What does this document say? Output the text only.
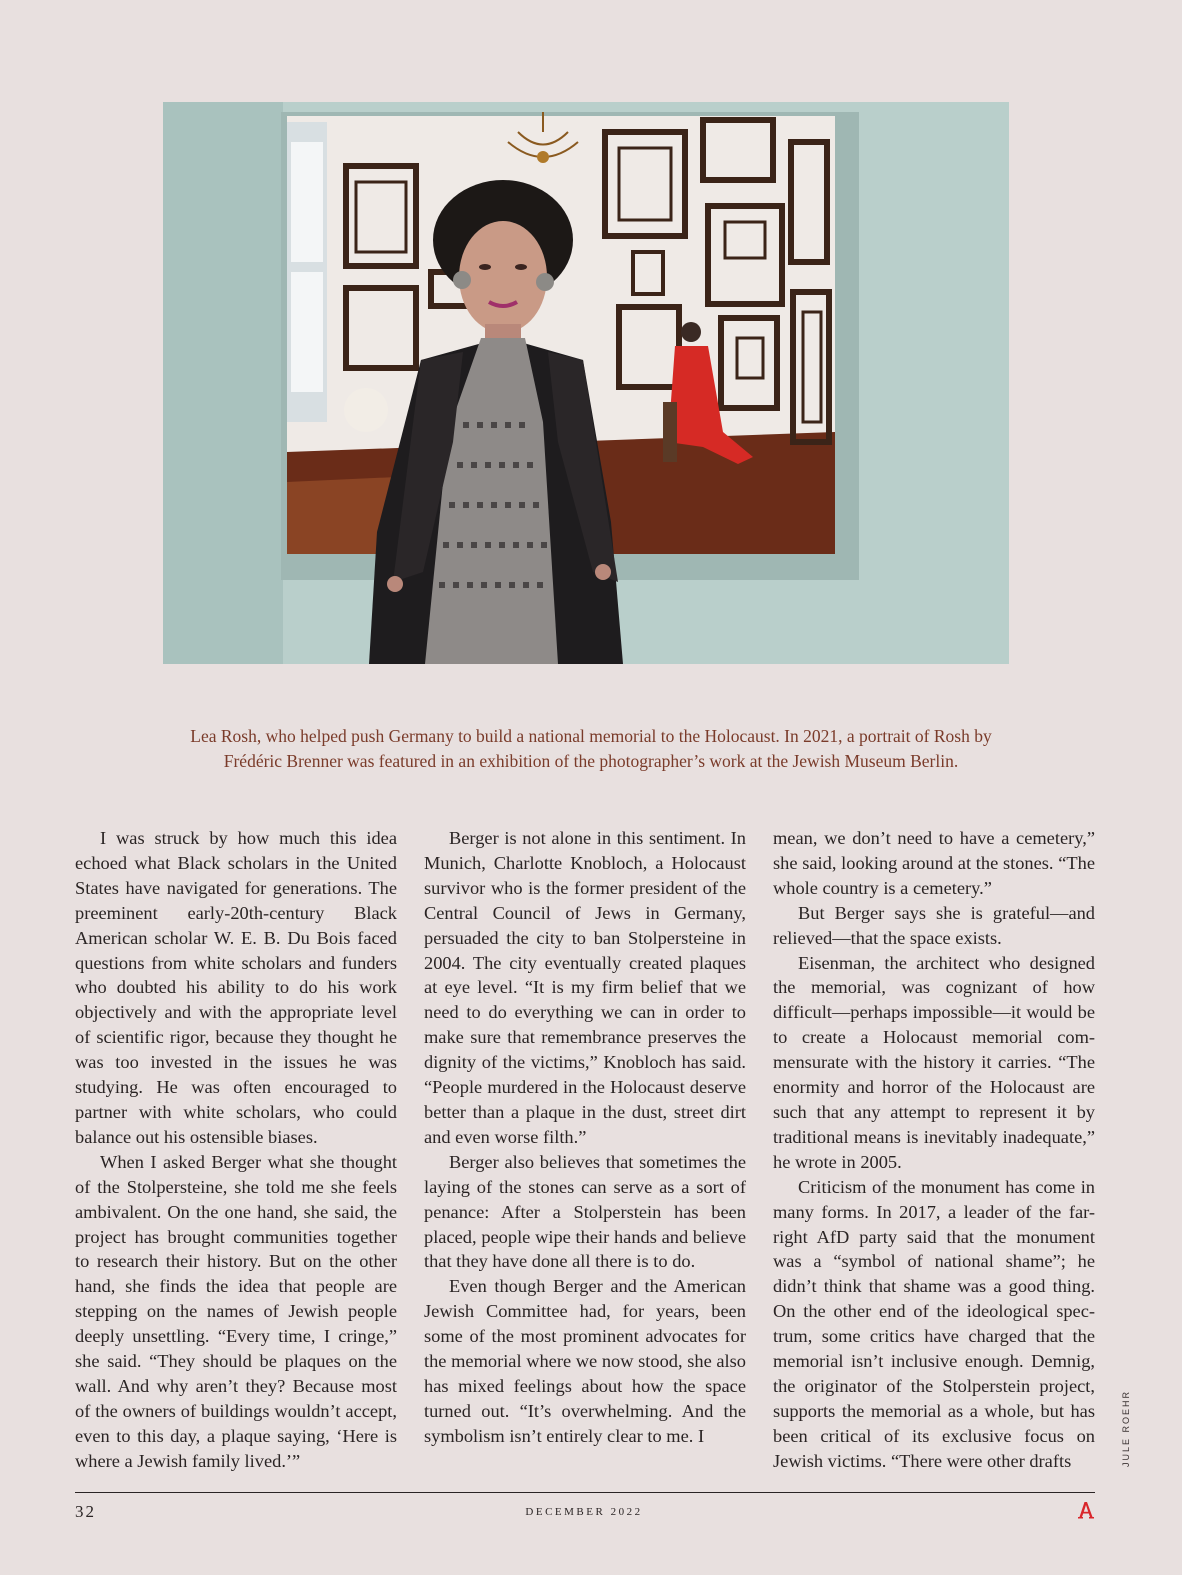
Lea Rosh, who helped push Germany to build a national memorial to the Holocaust. In 2021, a portrait of Rosh by
Frédéric Brenner was featured in an exhibition of the photographer’s work at the Jewish Museum Berlin.

I was struck by how much this idea echoed what Black scholars in the United States have navigated for generations. The preeminent early-20th-century Black American scholar W. E. B. Du Bois faced questions from white scholars and funders who doubted his ability to do his work objectively and with the appropriate level of scientific rigor, because they thought he was too invested in the issues he was studying. He was often encouraged to partner with white scholars, who could balance out his ostensible biases.

When I asked Berger what she thought of the Stolpersteine, she told me she feels ambivalent. On the one hand, she said, the project has brought communities together to research their history. But on the other hand, she finds the idea that people are stepping on the names of Jewish people deeply unsettling. “Every time, I cringe,” she said. “They should be plaques on the wall. And why aren’t they? Because most of the owners of buildings wouldn’t accept, even to this day, a plaque saying, ‘Here is where a Jewish family lived.’”

Berger is not alone in this sentiment. In Munich, Charlotte Knobloch, a Holocaust survivor who is the former president of the Central Council of Jews in Germany, persuaded the city to ban Stolpersteine in 2004. The city eventually created plaques at eye level. “It is my firm belief that we need to do everything we can in order to make sure that remembrance preserves the dignity of the victims,” Knobloch has said. “People murdered in the Holocaust deserve better than a plaque in the dust, street dirt and even worse filth.”

Berger also believes that sometimes the laying of the stones can serve as a sort of penance: After a Stolperstein has been placed, people wipe their hands and believe that they have done all there is to do.

Even though Berger and the American Jewish Committee had, for years, been some of the most prominent advocates for the memorial where we now stood, she also has mixed feelings about how the space turned out. “It’s overwhelming. And the symbolism isn’t entirely clear to me. I

mean, we don’t need to have a cemetery,” she said, looking around at the stones. “The whole country is a cemetery.”

But Berger says she is grateful—and relieved—that the space exists.

Eisenman, the architect who designed the memorial, was cognizant of how difficult—perhaps impossible—it would be to create a Holocaust memorial commensurate with the history it carries. “The enormity and horror of the Holocaust are such that any attempt to represent it by traditional means is inevitably inadequate,” he wrote in 2005.

Criticism of the monument has come in many forms. In 2017, a leader of the far-right AfD party said that the monument was a “symbol of national shame”; he didn’t think that shame was a good thing. On the other end of the ideological spectrum, some critics have charged that the memorial isn’t inclusive enough. Demnig, the originator of the Stolperstein project, supports the memorial as a whole, but has been critical of its exclusive focus on Jewish victims. “There were other drafts	JULE ROEHR
32	DECEMBER 2022
